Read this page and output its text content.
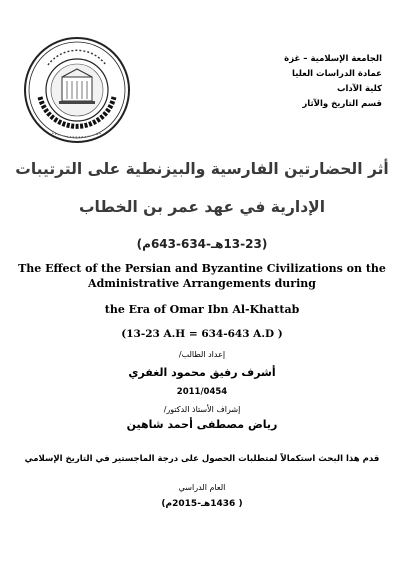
الجامعة الإسلامية – غزة
عمادة الدراسات العليا
كلية الآداب
قسم التاريخ والآثار
أثر الحضارتين الفارسية والبيزنطية على الترتيبات
الإدارية في عهد عمر بن الخطاب
(13-23هـ-634-643م)
The Effect of the Persian and Byzantine Civilizations on the
Administrative Arrangements during
the Era of Omar Ibn Al-Khattab
(13-23 A.H = 634-643 A.D )
إعداد الطالب/
أشرف رفيق محمود الغفري
2011/0454
إشراف الأستاذ الدكتور/
رياض مصطفى أحمد شاهين
قدم هذا البحث استكمالاً لمتطلبات الحصول على درجة الماجستير في التاريخ الإسلامي
العام الدراسي
( 1436هـ-2015م)
